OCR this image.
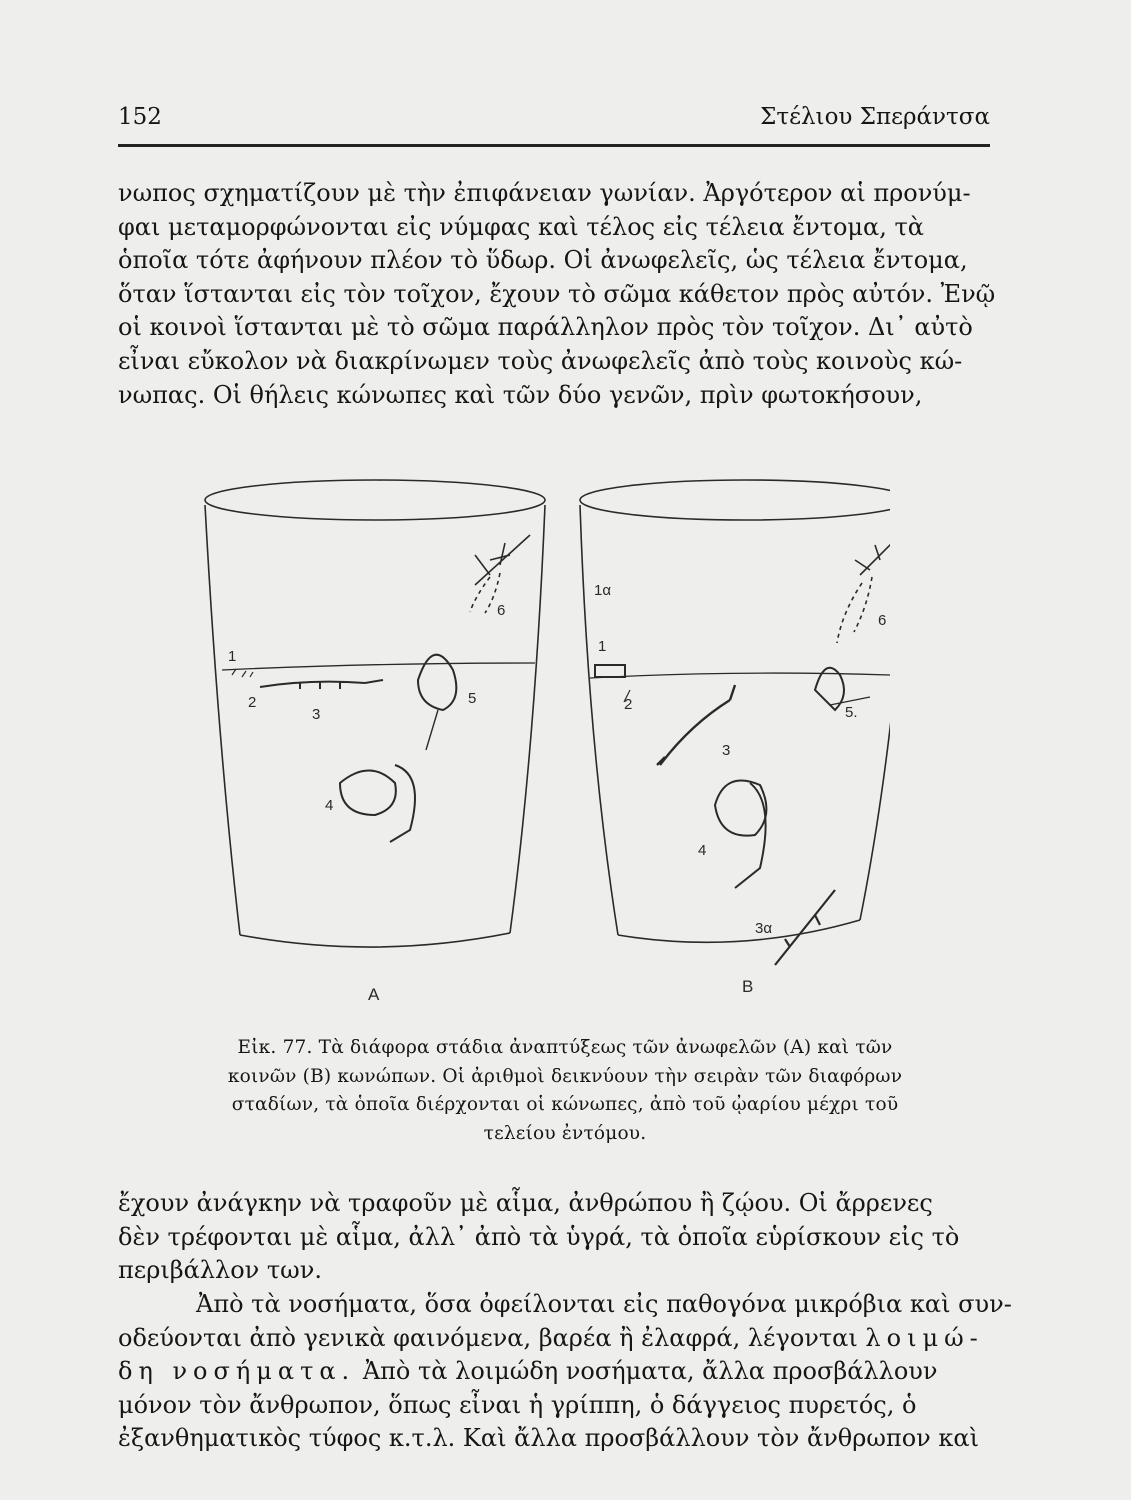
152	Στέλιου Σπεράντσα

νωπος σχηματίζουν μὲ τὴν ἐπιφάνειαν γωνίαν. Ἀργότερον αἱ προνύμ-
φαι μεταμορφώνονται εἰς νύμφας καὶ τέλος εἰς τέλεια ἔντομα, τὰ
ὁποῖα τότε ἀφήνουν πλέον τὸ ὕδωρ. Οἱ ἀνωφελεῖς, ὡς τέλεια ἔντομα,
ὅταν ἵστανται εἰς τὸν τοῖχον, ἔχουν τὸ σῶμα κάθετον πρὸς αὐτόν. Ἐνῷ
οἱ κοινοὶ ἵστανται μὲ τὸ σῶμα παράλληλον πρὸς τὸν τοῖχον. Δι᾽ αὐτὸ
εἶναι εὔκολον νὰ διακρίνωμεν τοὺς ἀνωφελεῖς ἀπὸ τοὺς κοινοὺς κώ-
νωπας. Οἱ θήλεις κώνωπες καὶ τῶν δύο γενῶν, πρὶν φωτοκήσουν,

A
1
2
3
4
5
6
B
1α
1
2
3
4
3α
5.
6

Εἰκ. 77. Τὰ διάφορα στάδια ἀναπτύξεως τῶν ἀνωφελῶν (Α) καὶ τῶν
κοινῶν (Β) κωνώπων. Οἱ ἀριθμοὶ δεικνύουν τὴν σειρὰν τῶν διαφόρων
σταδίων, τὰ ὁποῖα διέρχονται οἱ κώνωπες, ἀπὸ τοῦ ᾠαρίου μέχρι τοῦ
τελείου ἐντόμου.

ἔχουν ἀνάγκην νὰ τραφοῦν μὲ αἷμα, ἀνθρώπου ἢ ζῴου. Οἱ ἄρρενες
δὲν τρέφονται μὲ αἷμα, ἀλλ᾽ ἀπὸ τὰ ὑγρά, τὰ ὁποῖα εὑρίσκουν εἰς τὸ
περιβάλλον των.

Ἀπὸ τὰ νοσήματα, ὅσα ὀφείλονται εἰς παθογόνα μικρόβια καὶ συν-
οδεύονται ἀπὸ γενικὰ φαινόμενα, βαρέα ἢ ἐλαφρά, λέγονται λοιμώ-
δη νοσήματα. Ἀπὸ τὰ λοιμώδη νοσήματα, ἄλλα προσβάλλουν
μόνον τὸν ἄνθρωπον, ὅπως εἶναι ἡ γρίππη, ὁ δάγγειος πυρετός, ὁ
ἐξανθηματικὸς τύφος κ.τ.λ. Καὶ ἄλλα προσβάλλουν τὸν ἄνθρωπον καὶ
